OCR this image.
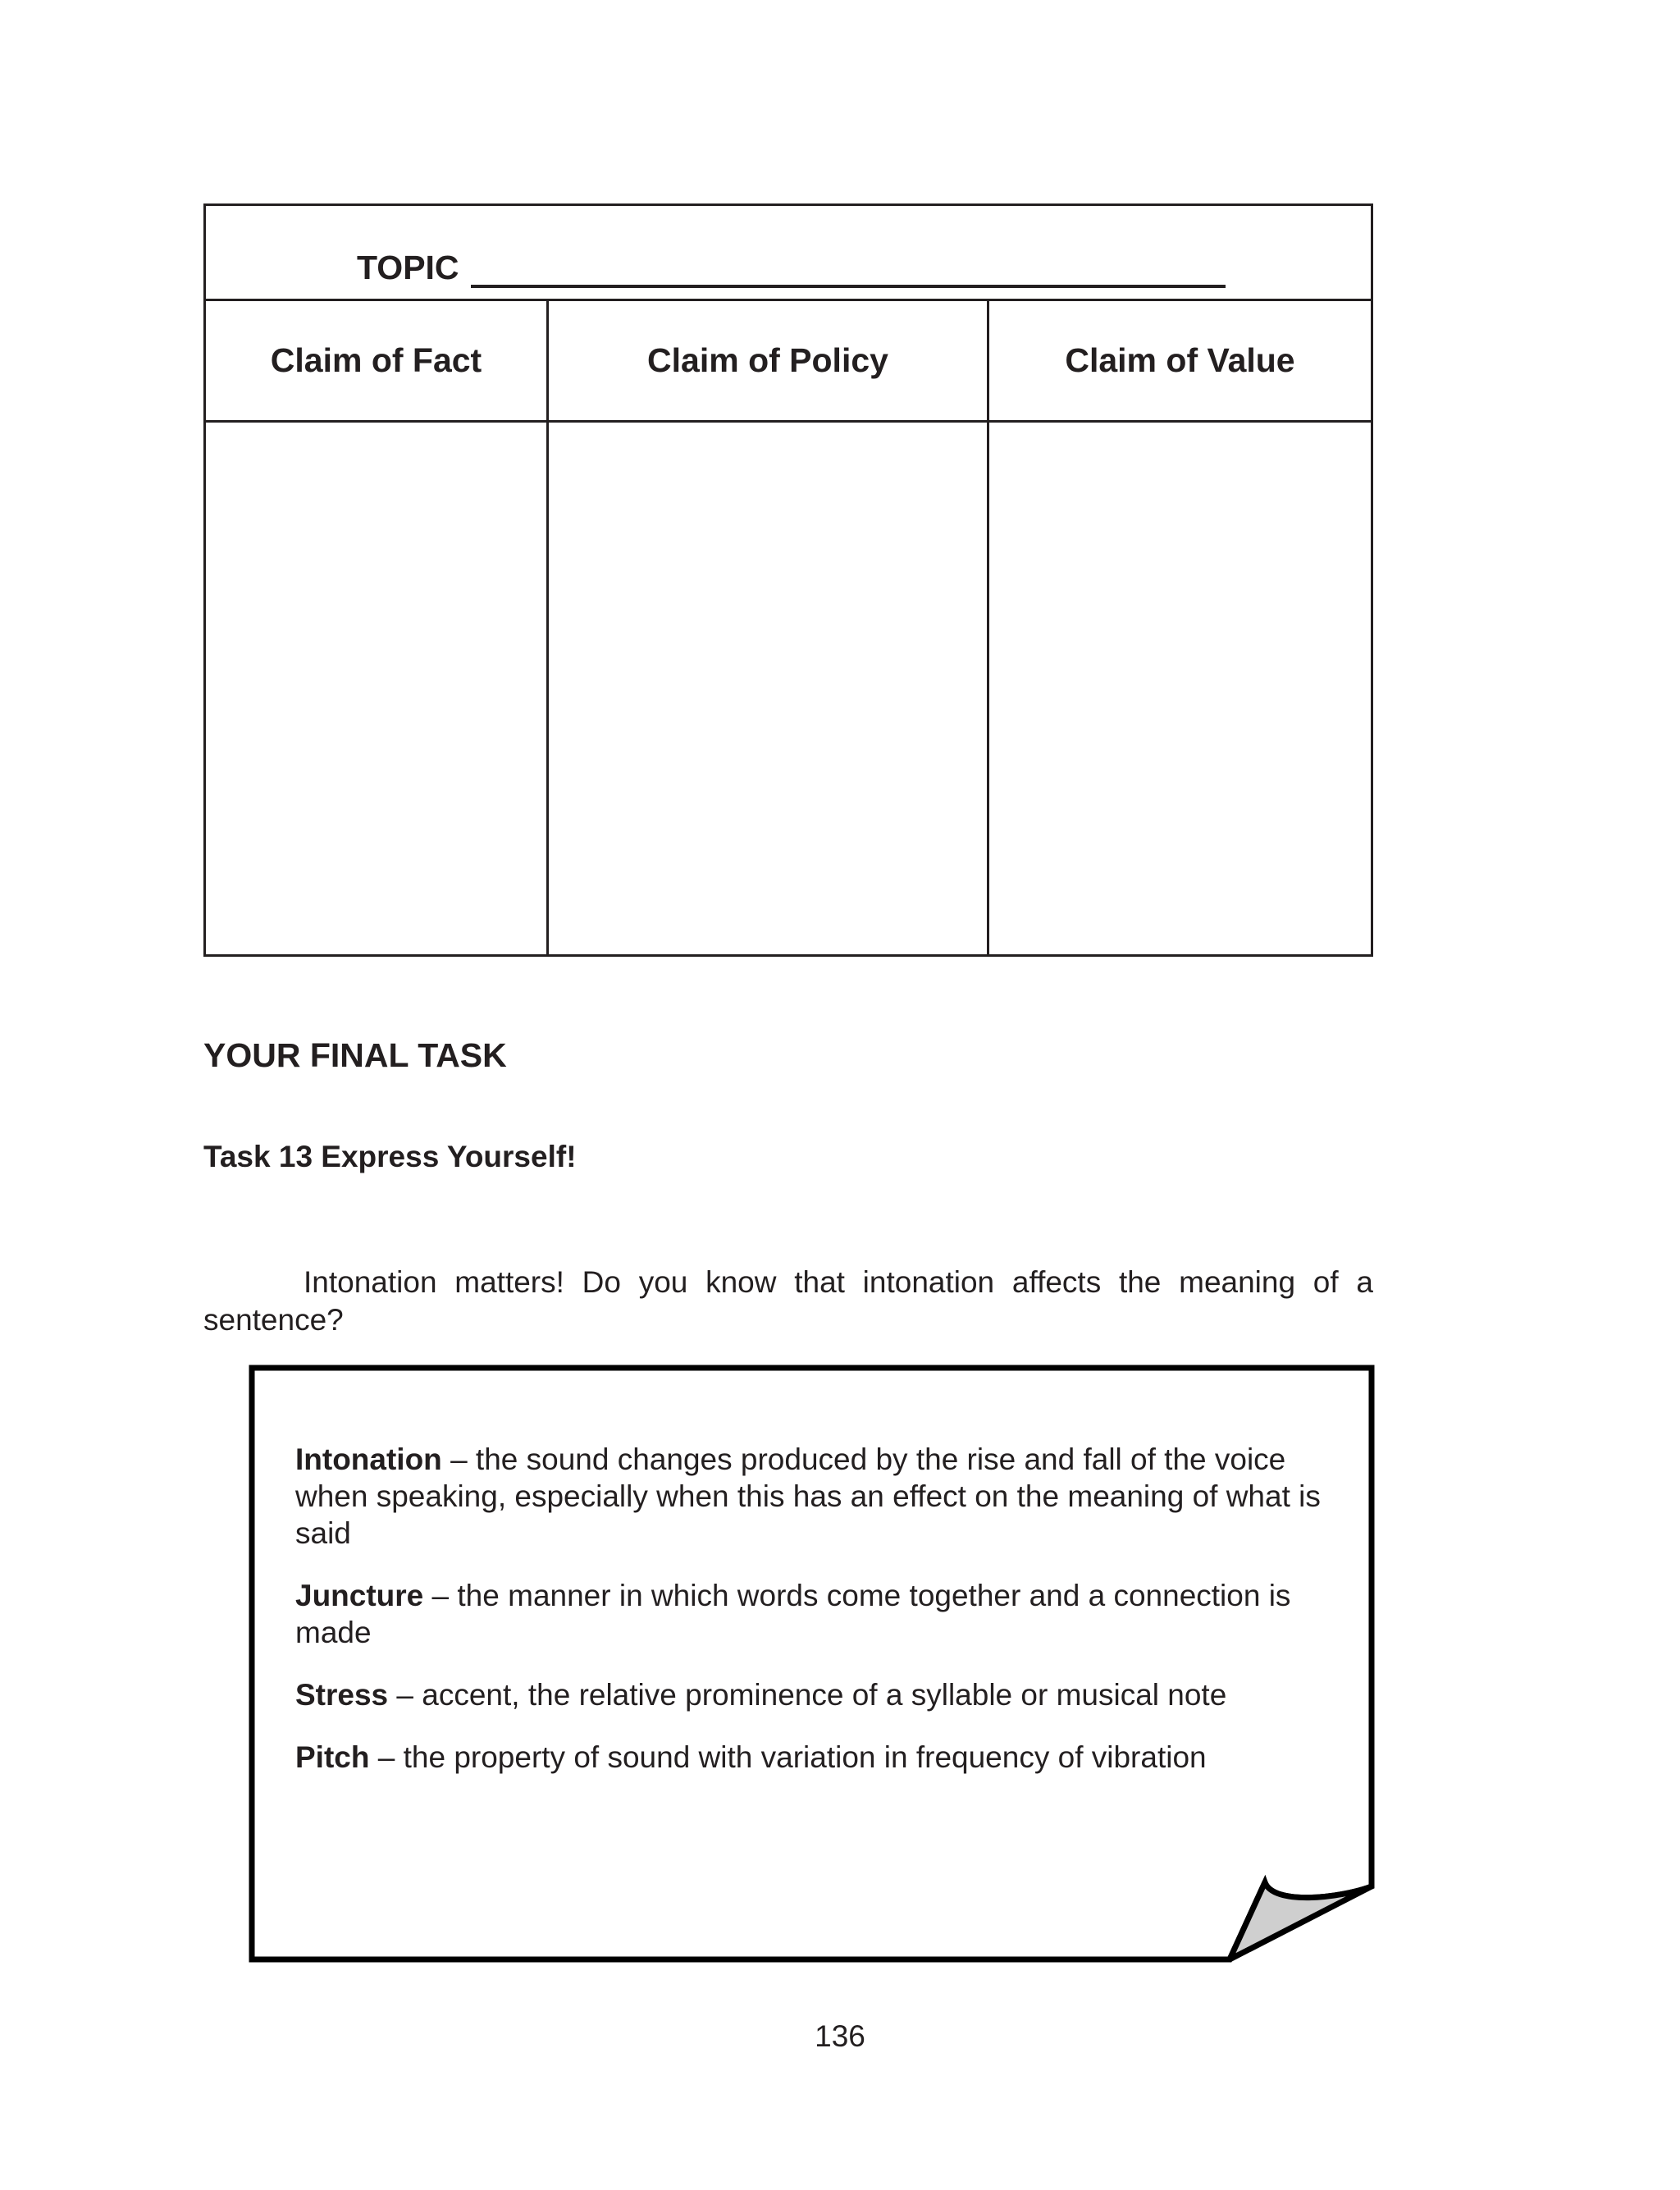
TOPIC
Claim of Fact	Claim of Policy	Claim of Value
YOUR FINAL TASK
Task 13 Express Yourself!

Intonation matters! Do you know that intonation affects the meaning of a sentence?

Intonation – the sound changes produced by the rise and fall of the voice when speaking, especially when this has an effect on the meaning of what is said

Juncture – the manner in which words come together and a connection is made

Stress – accent, the relative prominence of a syllable or musical note

Pitch – the property of sound with variation in frequency of vibration

136
